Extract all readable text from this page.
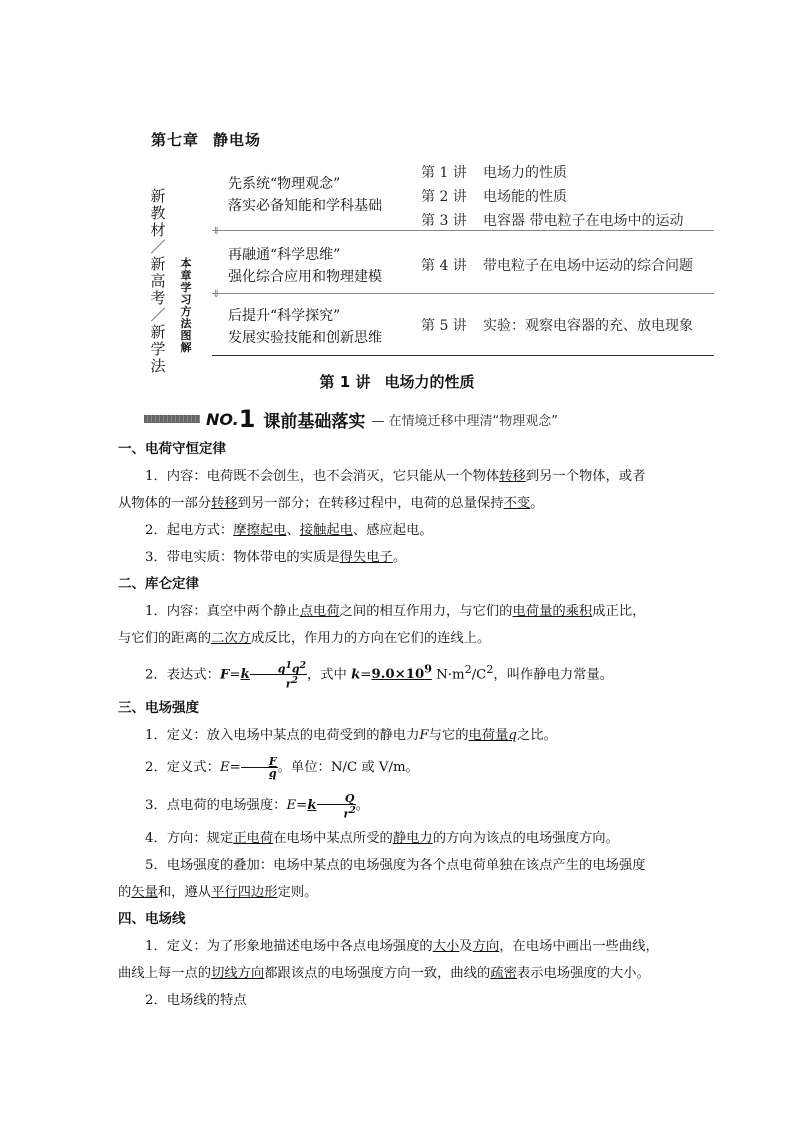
第七章 静电场
新
教
材
／
新
高
考
／
新
学
法
本
章
学
习
方
法
图
解
先系统“物理观念”
落实必备知能和学科基础
第 1 讲 电场力的性质
第 2 讲 电场能的性质
第 3 讲 电容器 带电粒子在电场中的运动
⇓
再融通“科学思维”
强化综合应用和物理建模
第 4 讲 带电粒子在电场中运动的综合问题
⇓
后提升“科学探究”
发展实验技能和创新思维
第 5 讲 实验：观察电容器的充、放电现象
第 1 讲 电场力的性质
NO. 1 课前基础落实 — 在情境迁移中理清“物理观念”
一、电荷守恒定律
1．内容：电荷既不会创生，也不会消灭，它只能从一个物体转移到另一个物体，或者
从物体的一部分转移到另一部分；在转移过程中，电荷的总量保持不变。
2．起电方式：摩擦起电、接触起电、感应起电。
3．带电实质：物体带电的实质是得失电子。
二、库仑定律
1．内容：真空中两个静止点电荷之间的相互作用力，与它们的电荷量的乘积成正比，
与它们的距离的二次方成反比，作用力的方向在它们的连线上。
2．表达式：$F=k \frac{q^1q^2}{r^2}$ ，式中 $k=9.0\times 10^9$ $N\cdot m^2/C^2$，叫作静电力常量。
三、电场强度
1．定义：放入电场中某点的电荷受到的静电力F与它的电荷量q之比。
2．定义式：$E= \frac{F}{q}$ 。单位：N/C 或 V/m。
3．点电荷的电场强度：$E=k \frac{Q}{r^2}$ 。
4．方向：规定正电荷在电场中某点所受的静电力的方向为该点的电场强度方向。
5．电场强度的叠加：电场中某点的电场强度为各个点电荷单独在该点产生的电场强度
的矢量和，遵从平行四边形定则。
四、电场线
1．定义：为了形象地描述电场中各点电场强度的大小及方向，在电场中画出一些曲线，
曲线上每一点的切线方向都跟该点的电场强度方向一致，曲线的疏密表示电场强度的大小。
2．电场线的特点
